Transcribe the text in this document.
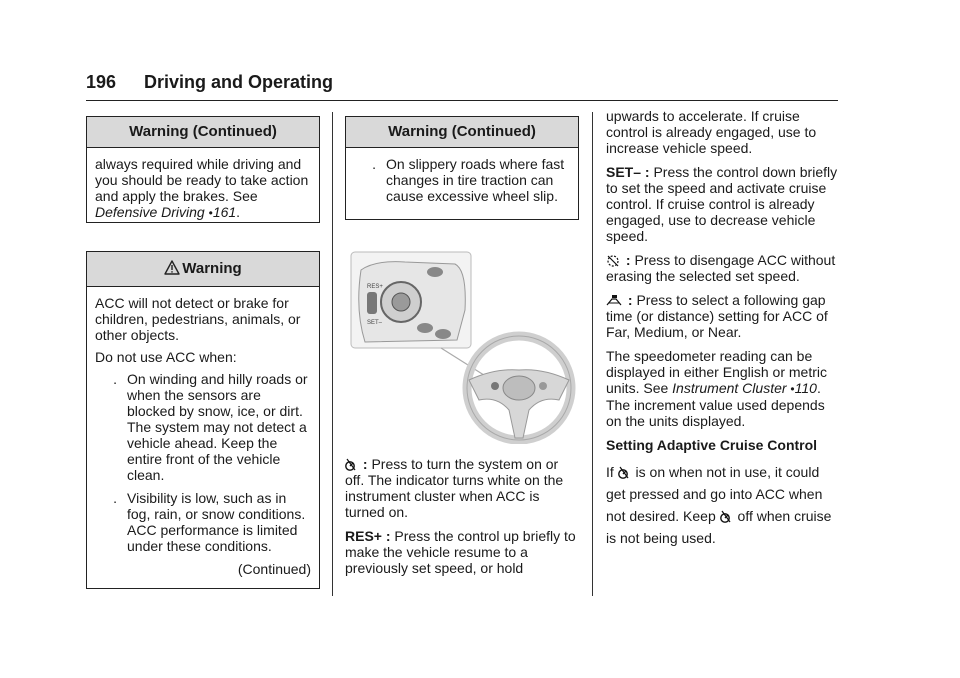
196 Driving and Operating
Warning (Continued)
always required while driving and you should be ready to take action and apply the brakes. See Defensive Driving •161.
Warning

ACC will not detect or brake for children, pedestrians, animals, or other objects.

Do not use ACC when:

. On winding and hilly roads or when the sensors are blocked by snow, ice, or dirt. The system may not detect a vehicle ahead. Keep the entire front of the vehicle clean.
. Visibility is low, such as in fog, rain, or snow conditions. ACC performance is limited under these conditions.

(Continued)

Warning (Continued)
. On slippery roads where fast changes in tire traction can cause excessive wheel slip.
RES+
SET–

: Press to turn the system on or off. The indicator turns white on the instrument cluster when ACC is turned on.

RES+ : Press the control up briefly to make the vehicle resume to a previously set speed, or hold

upwards to accelerate. If cruise control is already engaged, use to increase vehicle speed.

SET– : Press the control down briefly to set the speed and activate cruise control. If cruise control is already engaged, use to decrease vehicle speed.

: Press to disengage ACC without erasing the selected set speed.

: Press to select a following gap time (or distance) setting for ACC of Far, Medium, or Near.

The speedometer reading can be displayed in either English or metric units. See Instrument Cluster •110. The increment value used depends on the units displayed.

Setting Adaptive Cruise Control

If  is on when not in use, it could get pressed and go into ACC when not desired. Keep  off when cruise is not being used.
